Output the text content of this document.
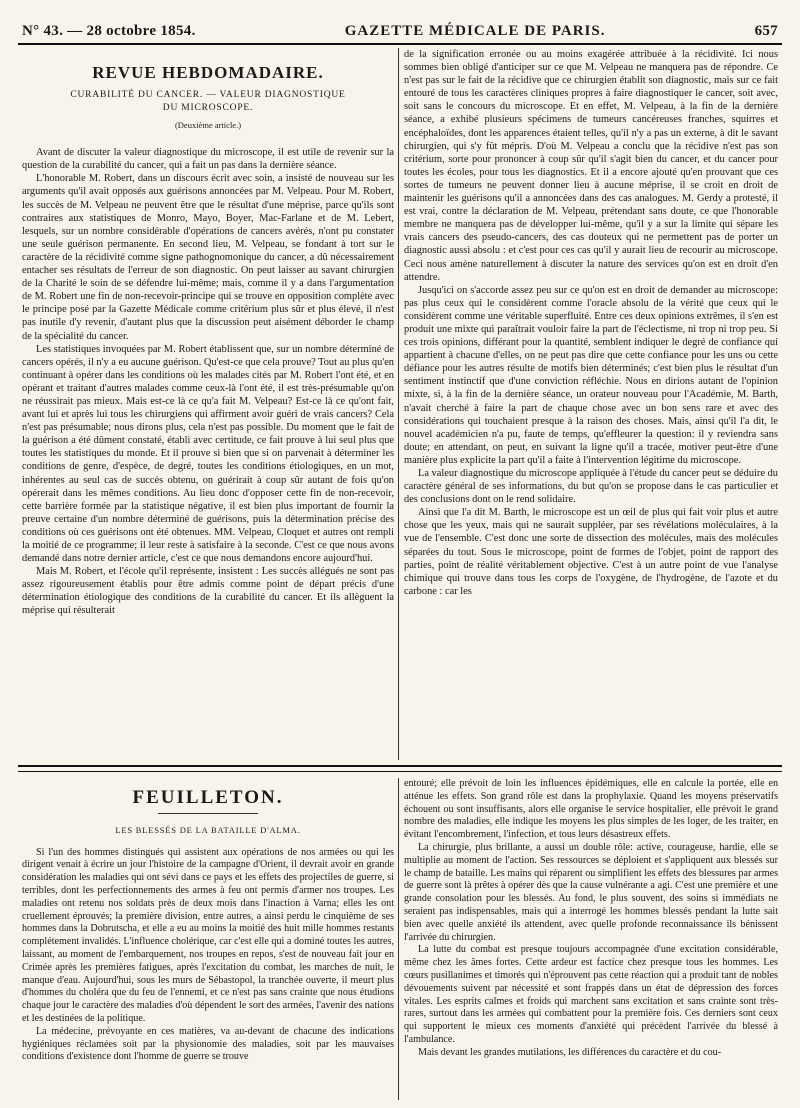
N° 43. — 28 octobre 1854.	GAZETTE MÉDICALE DE PARIS.	657
REVUE HEBDOMADAIRE.
CURABILITÉ DU CANCER. — VALEUR DIAGNOSTIQUE
DU MICROSCOPE.
(Deuxième article.)

Avant de discuter la valeur diagnostique du microscope, il est utile de revenir sur la question de la curabilité du cancer, qui a fait un pas dans la dernière séance.

L'honorable M. Robert, dans un discours écrit avec soin, a insisté de nouveau sur les arguments qu'il avait opposés aux guérisons annoncées par M. Velpeau. Pour M. Robert, les succès de M. Velpeau ne peuvent être que le résultat d'une méprise, parce qu'ils sont contraires aux statistiques de Monro, Mayo, Boyer, Mac-Farlane et de M. Lebert, lesquels, sur un nombre considérable d'opérations de cancers avérés, n'ont pu constater une seule guérison permanente. En second lieu, M. Velpeau, se fondant à tort sur le caractère de la récidivité comme signe pathognomonique du cancer, a dû nécessairement entacher ses résultats de l'erreur de son diagnostic. On peut laisser au savant chirurgien de la Charité le soin de se défendre lui-même; mais, comme il y a dans l'argumentation de M. Robert une fin de non-recevoir-principe qui se trouve en opposition complète avec le principe posé par la Gazette Médicale comme critérium plus sûr et plus élevé, il n'est pas inutile d'y revenir, d'autant plus que la discussion peut aisément déborder le champ de la spécialité du cancer.

Les statistiques invoquées par M. Robert établissent que, sur un nombre déterminé de cancers opérés, il n'y a eu aucune guérison. Qu'est-ce que cela prouve? Tout au plus qu'en continuant à opérer dans les conditions où les malades cités par M. Robert l'ont été, et en opérant et traitant d'autres malades comme ceux-là l'ont été, il est très-présumable qu'on ne réussirait pas mieux. Mais est-ce là ce qu'a fait M. Velpeau? Est-ce là ce qu'ont fait, avant lui et après lui tous les chirurgiens qui affirment avoir guéri de vrais cancers? Cela n'est pas présumable; nous dirons plus, cela n'est pas possible. Du moment que le fait de la guérison a été dûment constaté, établi avec certitude, ce fait prouve à lui seul plus que toutes les statistiques du monde. Et il prouve si bien que si on parvenait à déterminer les conditions de genre, d'espèce, de degré, toutes les conditions étiologiques, en un mot, inhérentes au seul cas de succès obtenu, on guérirait à coup sûr autant de fois qu'on opérerait dans les mêmes conditions. Au lieu donc d'opposer cette fin de non-recevoir, cette barrière formée par la statistique négative, il est bien plus important de fournir la preuve certaine d'un nombre déterminé de guérisons, puis la détermination précise des conditions où ces guérisons ont été obtenues. MM. Velpeau, Cloquet et autres ont rempli la moitié de ce programme; il leur reste à satisfaire à la seconde. C'est ce que nous avons demandé dans notre dernier article, c'est ce que nous demandons encore aujourd'hui.

Mais M. Robert, et l'école qu'il représente, insistent : Les succès allégués ne sont pas assez rigoureusement établis pour être admis comme point de départ précis d'une détermination étiologique des conditions de la curabilité du cancer. Et ils allèguent la méprise qui résulterait

de la signification erronée ou au moins exagérée attribuée à la récidivité. Ici nous sommes bien obligé d'anticiper sur ce que M. Velpeau ne manquera pas de répondre. Ce n'est pas sur le fait de la récidive que ce chirurgien établit son diagnostic, mais sur ce fait entouré de tous les caractères cliniques propres à faire diagnostiquer le cancer, soit avec, soit sans le concours du microscope. Et en effet, M. Velpeau, à la fin de la dernière séance, a exhibé plusieurs spécimens de tumeurs cancéreuses franches, squirres et encéphaloïdes, dont les apparences étaient telles, qu'il n'y a pas un externe, à dit le savant chirurgien, qui s'y fût méprís. D'où M. Velpeau a conclu que la récidive n'est pas son critérium, sorte pour prononcer à coup sûr qu'il s'agit bien du cancer, et du cancer pour toutes les écoles, pour tous les diagnostics. Et il a encore ajouté qu'en prouvant que ces sortes de tumeurs ne peuvent donner lieu à aucune méprise, il se croit en droit de maintenir les guérisons qu'il a annoncées dans des cas analogues. M. Gerdy a protesté, il est vrai, contre la déclaration de M. Velpeau, prétendant sans doute, ce que l'honorable membre ne manquera pas de développer lui-même, qu'il y a sur la limite qui sépare les vrais cancers des pseudo-cancers, des cas douteux qui ne permettent pas de porter un diagnostic aussi absolu : et c'est pour ces cas qu'il y aurait lieu de recourir au microscope. Ceci nous amène naturellement à discuter la nature des services qu'on est en droit d'en attendre.

Jusqu'ici on s'accorde assez peu sur ce qu'on est en droit de demander au microscope: pas plus ceux qui le considèrent comme l'oracle absolu de la vérité que ceux qui le considèrent comme une véritable superfluité. Entre ces deux opinions extrêmes, il s'en est produit une mixte qui paraîtrait vouloir faire la part de l'éclectisme, ni trop ni trop peu. Si ces trois opinions, différant pour la quantité, semblent indiquer le degré de confiance qui appartient à chacune d'elles, on ne peut pas dire que cette confiance pour les uns ou cette défiance pour les autres résulte de motifs bien déterminés; c'est bien plus le résultat d'un sentiment instinctif que d'une conviction réfléchie. Nous en dirions autant de l'opinion mixte, si, à la fin de la dernière séance, un orateur nouveau pour l'Académie, M. Barth, n'avait cherché à faire la part de chaque chose avec un bon sens rare et avec des considérations qui touchaient presque à la raison des choses. Mais, ainsi qu'il l'a dit, le nouvel académicien n'a pu, faute de temps, qu'effleurer la question: il y reviendra sans doute; en attendant, on peut, en suivant la ligne qu'il a tracée, motiver peut-être d'une manière plus explicite la part qu'il a faite à l'intervention légitime du microscope.

La valeur diagnostique du microscope appliquée à l'étude du cancer peut se déduire du caractère général de ses informations, du but qu'on se propose dans le cas particulier et des conclusions dont on le rend solidaire.

Ainsi que l'a dit M. Barth, le microscope est un œil de plus qui fait voir plus et autre chose que les yeux, mais qui ne saurait suppléer, par ses révélations moléculaires, à la vue de l'ensemble. C'est donc une sorte de dissection des molécules, mais des molécules séparées du tout. Sous le microscope, point de formes de l'objet, point de rapport des parties, point de réalité véritablement objective. C'est à un autre point de vue l'analyse chimique qui trouve dans tous les corps de l'oxygène, de l'hydrogène, de l'azote et du carbone : car les

FEUILLETON.
LES BLESSÉS DE LA BATAILLE D'ALMA.

Si l'un des hommes distingués qui assistent aux opérations de nos armées ou qui les dirigent venait à écrire un jour l'histoire de la campagne d'Orient, il devrait avoir en grande considération les maladies qui ont sévi dans ce pays et les effets des projectiles de guerre, si terribles, dont les perfectionnements des armes à feu ont permis d'armer nos troupes. Les maladies ont retenu nos soldats près de deux mois dans l'inaction à Varna; elles les ont cruellement éprouvés; la première division, entre autres, a ainsi perdu le cinquième de ses hommes dans la Dobrutscha, et elle a eu au moins la moitié des huit mille hommes restants complétement invalidés. L'influence cholérique, car c'est elle qui a dominé toutes les autres, laissant, au moment de l'embarquement, nos troupes en repos, s'est de nouveau fait jour en Crimée après les premières fatigues, après l'excitation du combat, les marches de nuit, le manque d'eau. Aujourd'hui, sous les murs de Sébastopol, la tranchée ouverte, il meurt plus d'hommes du choléra que du feu de l'ennemi, et ce n'est pas sans crainte que nous étudions chaque jour le caractère des maladies d'où dépendent le sort des armées, l'avenir des nations et les destinées de la politique.

La médecine, prévoyante en ces matières, va au-devant de chacune des indications hygiéniques réclamées soit par la physionomie des maladies, soit par les mauvaises conditions d'existence dont l'homme de guerre se trouve

entouré; elle prévoit de loin les influences épidémiques, elle en calcule la portée, elle en atténue les effets. Son grand rôle est dans la prophylaxie. Quand les moyens préservatifs échouent ou sont insuffisants, alors elle organise le service hospitalier, elle prévoit le grand nombre des maladies, elle indique les moyens les plus simples de les loger, de les traiter, en évitant l'encombrement, l'infection, et tous leurs désastreux effets.

La chirurgie, plus brillante, a aussi un double rôle: active, courageuse, hardie, elle se multiplie au moment de l'action. Ses ressources se déploient et s'appliquent aux blessés sur le champ de bataille. Les mains qui réparent ou simplifient les effets des blessures par armes de guerre sont là prêtes à opérer dès que la cause vulnérante a agi. C'est une première et une grande consolation pour les blessés. Au fond, le plus souvent, des soins si immédiats ne seraient pas indispensables, mais qui a interrogé les hommes blessés pendant la lutte sait bien avec quelle anxiété ils attendent, avec quelle profonde reconnaissance ils bénissent l'arrivée du chirurgien.

La lutte du combat est presque toujours accompagnée d'une excitation considérable, même chez les âmes fortes. Cette ardeur est factice chez presque tous les hommes. Les cœurs pusillanimes et timorés qui n'éprouvent pas cette réaction qui a produit tant de nobles dévouements suivent par nécessité et sont frappés dans un état de dépression des forces vitales. Les esprits calmes et froids qui marchent sans excitation et sans crainte sont très-rares, surtout dans les armées qui combattent pour la première fois. Ces derniers sont ceux qui supportent le mieux ces moments d'anxiété qui précèdent l'arrivée du blessé à l'ambulance.

Mais devant les grandes mutilations, les différences du caractère et du cou-
